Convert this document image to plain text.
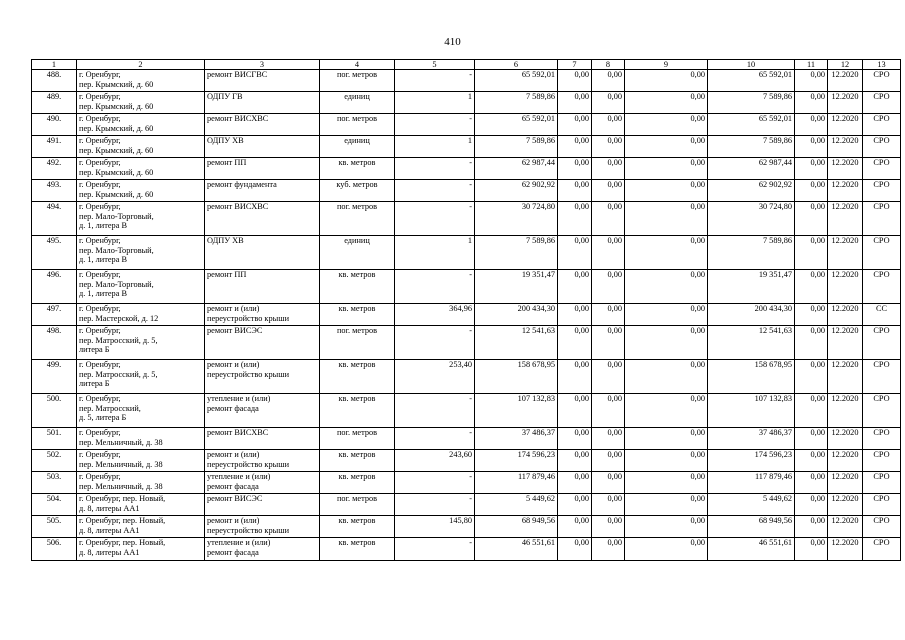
410
1	2	3	4	5	6	7	8	9	10	11	12	13
488.	г. Оренбург,
пер. Крымский, д. 60	ремонт ВИСГВС	пог. метров	-	65 592,01	0,00	0,00	0,00	65 592,01	0,00	12.2020	СРО
489.	г. Оренбург,
пер. Крымский, д. 60	ОДПУ ГВ	единиц	1	7 589,86	0,00	0,00	0,00	7 589,86	0,00	12.2020	СРО
490.	г. Оренбург,
пер. Крымский, д. 60	ремонт ВИСХВС	пог. метров	-	65 592,01	0,00	0,00	0,00	65 592,01	0,00	12.2020	СРО
491.	г. Оренбург,
пер. Крымский, д. 60	ОДПУ ХВ	единиц	1	7 589,86	0,00	0,00	0,00	7 589,86	0,00	12.2020	СРО
492.	г. Оренбург,
пер. Крымский, д. 60	ремонт ПП	кв. метров	-	62 987,44	0,00	0,00	0,00	62 987,44	0,00	12.2020	СРО
493.	г. Оренбург,
пер. Крымский, д. 60	ремонт фундамента	куб. метров	-	62 902,92	0,00	0,00	0,00	62 902,92	0,00	12.2020	СРО
494.	г. Оренбург,
пер. Мало-Торговый,
д. 1, литера В	ремонт ВИСХВС	пог. метров	-	30 724,80	0,00	0,00	0,00	30 724,80	0,00	12.2020	СРО
495.	г. Оренбург,
пер. Мало-Торговый,
д. 1, литера В	ОДПУ ХВ	единиц	1	7 589,86	0,00	0,00	0,00	7 589,86	0,00	12.2020	СРО
496.	г. Оренбург,
пер. Мало-Торговый,
д. 1, литера В	ремонт ПП	кв. метров	-	19 351,47	0,00	0,00	0,00	19 351,47	0,00	12.2020	СРО
497.	г. Оренбург,
пер. Мастерской, д. 12	ремонт и (или)
переустройство крыши	кв. метров	364,96	200 434,30	0,00	0,00	0,00	200 434,30	0,00	12.2020	СС
498.	г. Оренбург,
пер. Матросский, д. 5,
литера Б	ремонт ВИСЭС	пог. метров	-	12 541,63	0,00	0,00	0,00	12 541,63	0,00	12.2020	СРО
499.	г. Оренбург,
пер. Матросский, д. 5,
литера Б	ремонт и (или)
переустройство крыши	кв. метров	253,40	158 678,95	0,00	0,00	0,00	158 678,95	0,00	12.2020	СРО
500.	г. Оренбург,
пер. Матросский,
д. 5, литера Б	утепление и (или)
ремонт фасада	кв. метров	-	107 132,83	0,00	0,00	0,00	107 132,83	0,00	12.2020	СРО
501.	г. Оренбург,
пер. Мельничный, д. 38	ремонт ВИСХВС	пог. метров	-	37 486,37	0,00	0,00	0,00	37 486,37	0,00	12.2020	СРО
502.	г. Оренбург,
пер. Мельничный, д. 38	ремонт и (или)
переустройство крыши	кв. метров	243,60	174 596,23	0,00	0,00	0,00	174 596,23	0,00	12.2020	СРО
503.	г. Оренбург,
пер. Мельничный, д. 38	утепление и (или)
ремонт фасада	кв. метров	-	117 879,46	0,00	0,00	0,00	117 879,46	0,00	12.2020	СРО
504.	г. Оренбург, пер. Новый,
д. 8, литеры АА1	ремонт ВИСЭС	пог. метров	-	5 449,62	0,00	0,00	0,00	5 449,62	0,00	12.2020	СРО
505.	г. Оренбург, пер. Новый,
д. 8, литеры АА1	ремонт и (или)
переустройство крыши	кв. метров	145,80	68 949,56	0,00	0,00	0,00	68 949,56	0,00	12.2020	СРО
506.	г. Оренбург, пер. Новый,
д. 8, литеры АА1	утепление и (или)
ремонт фасада	кв. метров	-	46 551,61	0,00	0,00	0,00	46 551,61	0,00	12.2020	СРО
